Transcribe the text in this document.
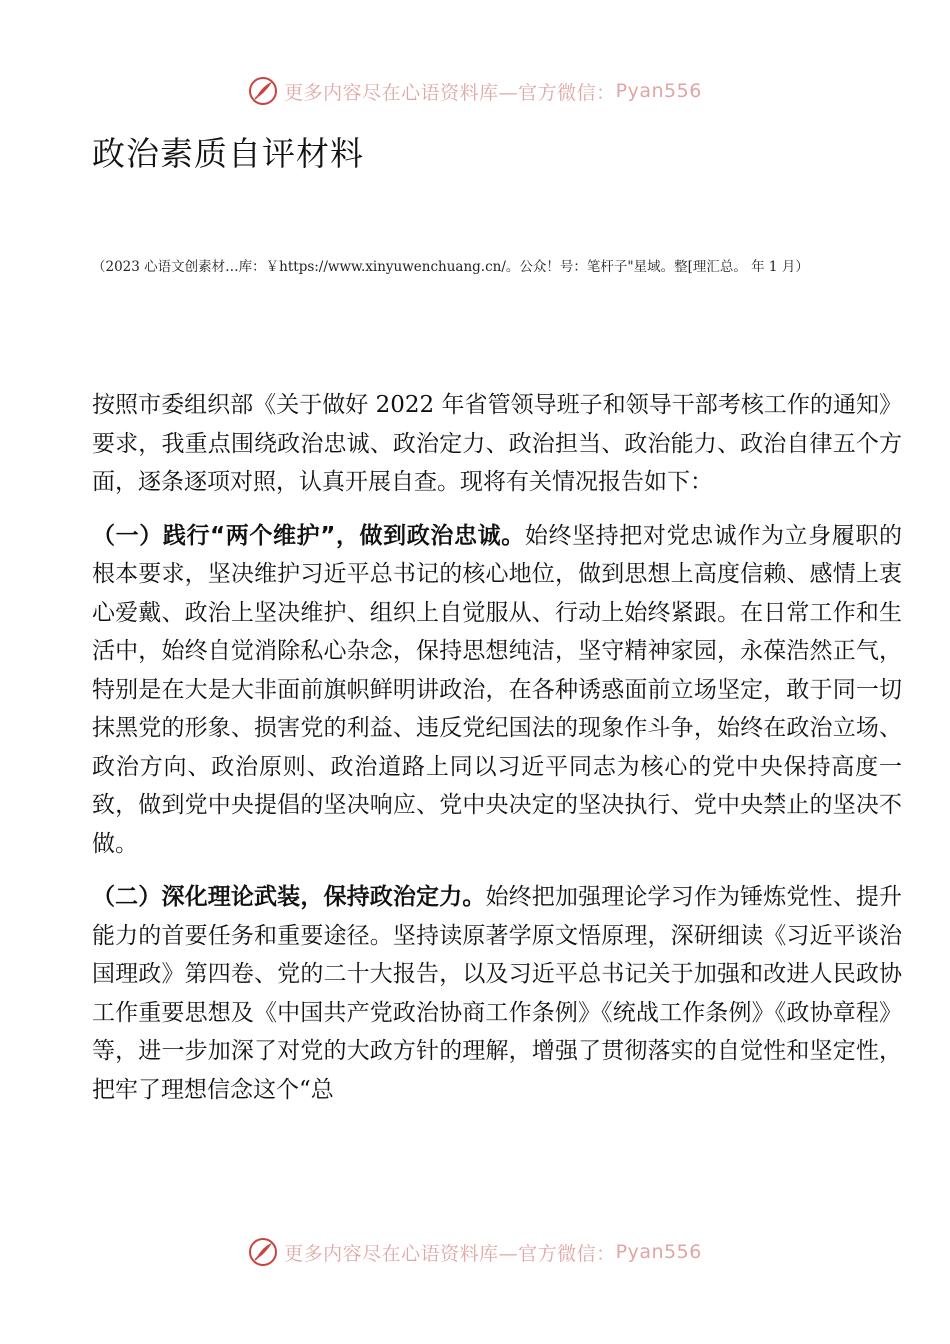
更多内容尽在心语资料库—官方微信： Pyan556
政治素质自评材料
（2023 心语文创素材…库：￥https://www.xinyuwenchuang.cn/。公众！号：笔杆子"星域。整[理汇总。 年 1 月）

按照市委组织部《关于做好 2022 年省管领导班子和领导干部考核工作的通知》要求，我重点围绕政治忠诚、政治定力、政治担当、政治能力、政治自律五个方面，逐条逐项对照，认真开展自查。现将有关情况报告如下：

（一）践行“两个维护”，做到政治忠诚。始终坚持把对党忠诚作为立身履职的根本要求，坚决维护习近平总书记的核心地位，做到思想上高度信赖、感情上衷心爱戴、政治上坚决维护、组织上自觉服从、行动上始终紧跟。在日常工作和生活中，始终自觉消除私心杂念，保持思想纯洁，坚守精神家园，永葆浩然正气，特别是在大是大非面前旗帜鲜明讲政治，在各种诱惑面前立场坚定，敢于同一切抹黑党的形象、损害党的利益、违反党纪国法的现象作斗争，始终在政治立场、政治方向、政治原则、政治道路上同以习近平同志为核心的党中央保持高度一致，做到党中央提倡的坚决响应、党中央决定的坚决执行、党中央禁止的坚决不做。

（二）深化理论武装，保持政治定力。始终把加强理论学习作为锤炼党性、提升能力的首要任务和重要途径。坚持读原著学原文悟原理，深研细读《习近平谈治国理政》第四卷、党的二十大报告，以及习近平总书记关于加强和改进人民政协工作重要思想及《中国共产党政治协商工作条例》《统战工作条例》《政协章程》等，进一步加深了对党的大政方针的理解，增强了贯彻落实的自觉性和坚定性，把牢了理想信念这个“总

更多内容尽在心语资料库—官方微信： Pyan556
